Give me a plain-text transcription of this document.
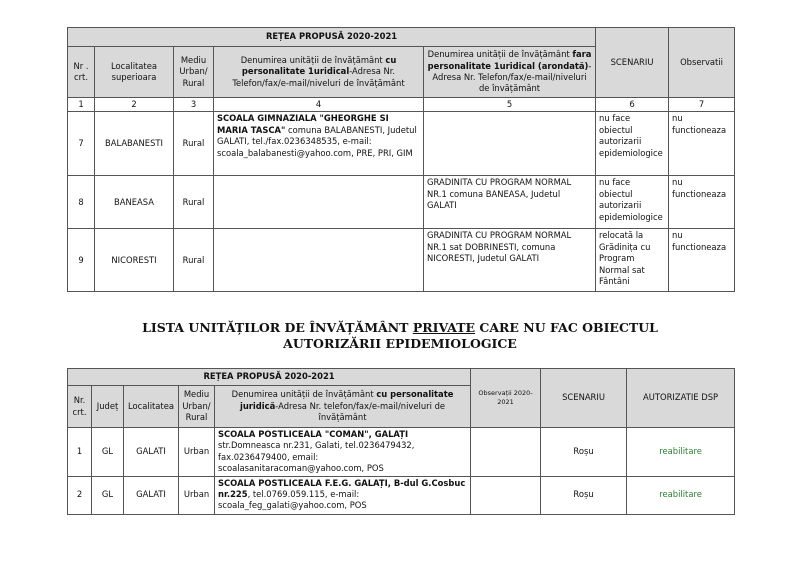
REȚEA PROPUSĂ 2020-2021					SCENARIU	Observatii
Nr . crt.	Localitatea superioara	Mediu Urban/ Rural	Denumirea unității de învățământ cu personalitate 1uridical-Adresa Nr. Telefon/fax/e-mail/niveluri de învățământ	Denumirea unității de învățământ fara personalitate 1uridical (arondată)-Adresa Nr. Telefon/fax/e-mail/niveluri de învățământ		
1	2	3	4	5	6	7
7	BALABANESTI	Rural	SCOALA GIMNAZIALA "GHEORGHE SI MARIA TASCA" comuna BALABANESTI, Judetul GALATI, tel./fax.0236348535, e-mail: scoala_balabanesti@yahoo.com, PRE, PRI, GIM		nu face obiectul autorizarii epidemiologice	nu functioneaza
8	BANEASA	Rural		GRADINITA CU PROGRAM NORMAL NR.1 comuna BANEASA, Judetul GALATI	nu face obiectul autorizarii epidemiologice	nu functioneaza
9	NICORESTI	Rural		GRADINITA CU PROGRAM NORMAL NR.1 sat DOBRINESTI, comuna NICORESTI, Judetul GALATI	relocată la Grădinița cu Program Normal sat Fântâni	nu functioneaza
LISTA UNITĂȚILOR DE ÎNVĂȚĂMÂNT PRIVATE CARE NU FAC OBIECTUL
AUTORIZĂRII EPIDEMIOLOGICE
REȚEA PROPUSĂ 2020-2021					Observații 2020-2021	SCENARIU	AUTORIZATIE DSP
Nr. crt.	Județ	Localitatea	Mediu Urban/ Rural	Denumirea unității de învățământ cu personalitate juridică-Adresa Nr. telefon/fax/e-mail/niveluri de învățământ			
1	GL	GALATI	Urban	SCOALA POSTLICEALA "COMAN", GALAȚI str.Domneasca nr.231, Galati, tel.0236479432, fax.0236479400, email: scoalasanitaracoman@yahoo.com, POS		Roșu	reabilitare
2	GL	GALATI	Urban	SCOALA POSTLICEALA F.E.G. GALAȚI, B-dul G.Cosbuc nr.225, tel.0769.059.115, e-mail: scoala_feg_galati@yahoo.com, POS		Roșu	reabilitare
